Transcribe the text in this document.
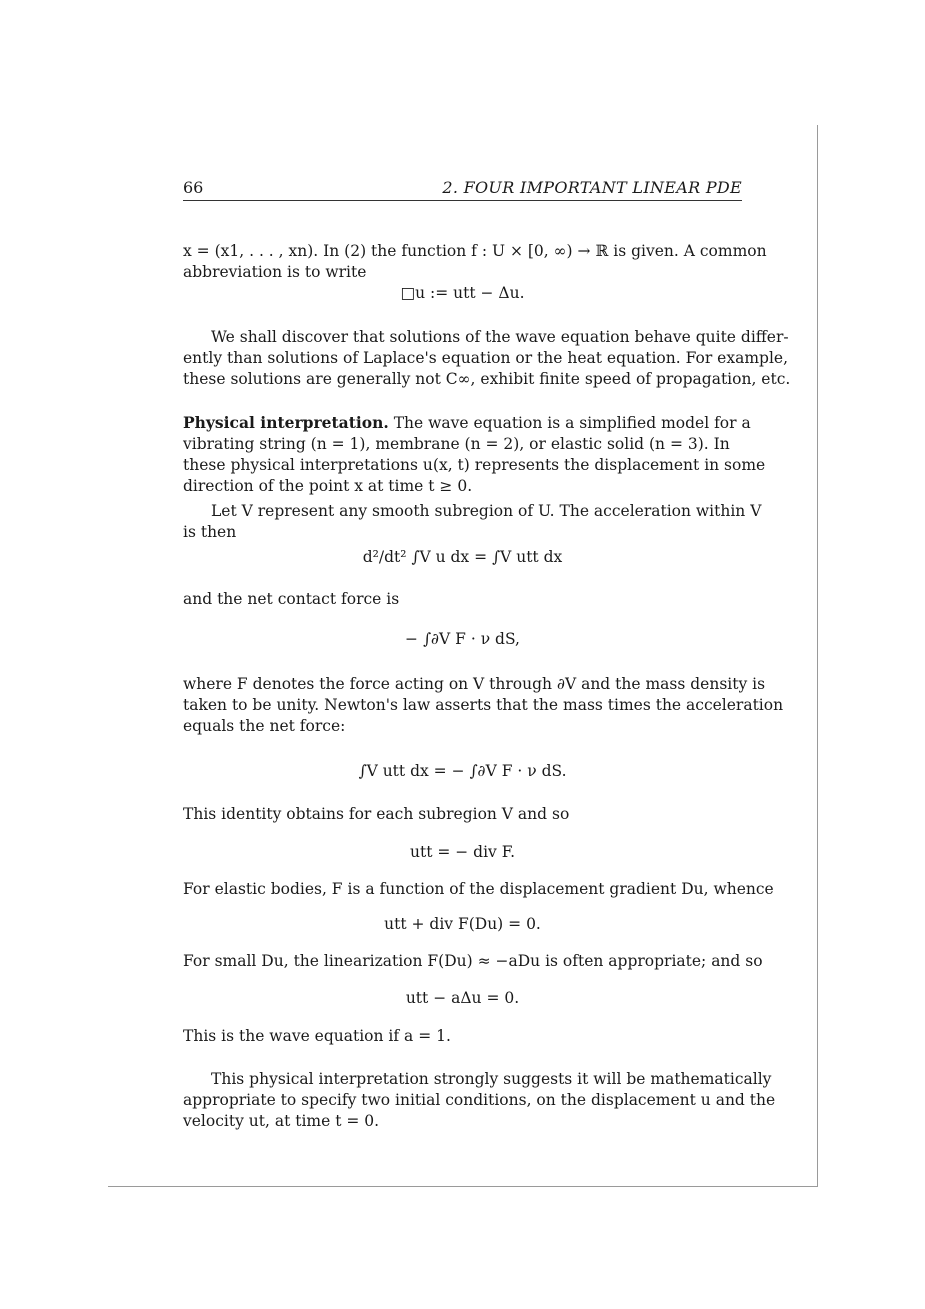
66	2. FOUR IMPORTANT LINEAR PDE
x = (x1, . . . , xn). In (2) the function f : U × [0, ∞) → ℝ is given. A common
abbreviation is to write
□u := utt − Δu.
We shall discover that solutions of the wave equation behave quite differ-
ently than solutions of Laplace's equation or the heat equation. For example,
these solutions are generally not C∞, exhibit finite speed of propagation, etc.
Physical interpretation. The wave equation is a simplified model for a
vibrating string (n = 1), membrane (n = 2), or elastic solid (n = 3). In
these physical interpretations u(x, t) represents the displacement in some
direction of the point x at time t ≥ 0.
Let V represent any smooth subregion of U. The acceleration within V
is then
d²/dt² ∫V u dx = ∫V utt dx
and the net contact force is
− ∫∂V F · ν dS,
where F denotes the force acting on V through ∂V and the mass density is
taken to be unity. Newton's law asserts that the mass times the acceleration
equals the net force:
∫V utt dx = − ∫∂V F · ν dS.
This identity obtains for each subregion V and so
utt = − div F.
For elastic bodies, F is a function of the displacement gradient Du, whence
utt + div F(Du) = 0.
For small Du, the linearization F(Du) ≈ −aDu is often appropriate; and so
utt − aΔu = 0.
This is the wave equation if a = 1.
This physical interpretation strongly suggests it will be mathematically
appropriate to specify two initial conditions, on the displacement u and the
velocity ut, at time t = 0.
